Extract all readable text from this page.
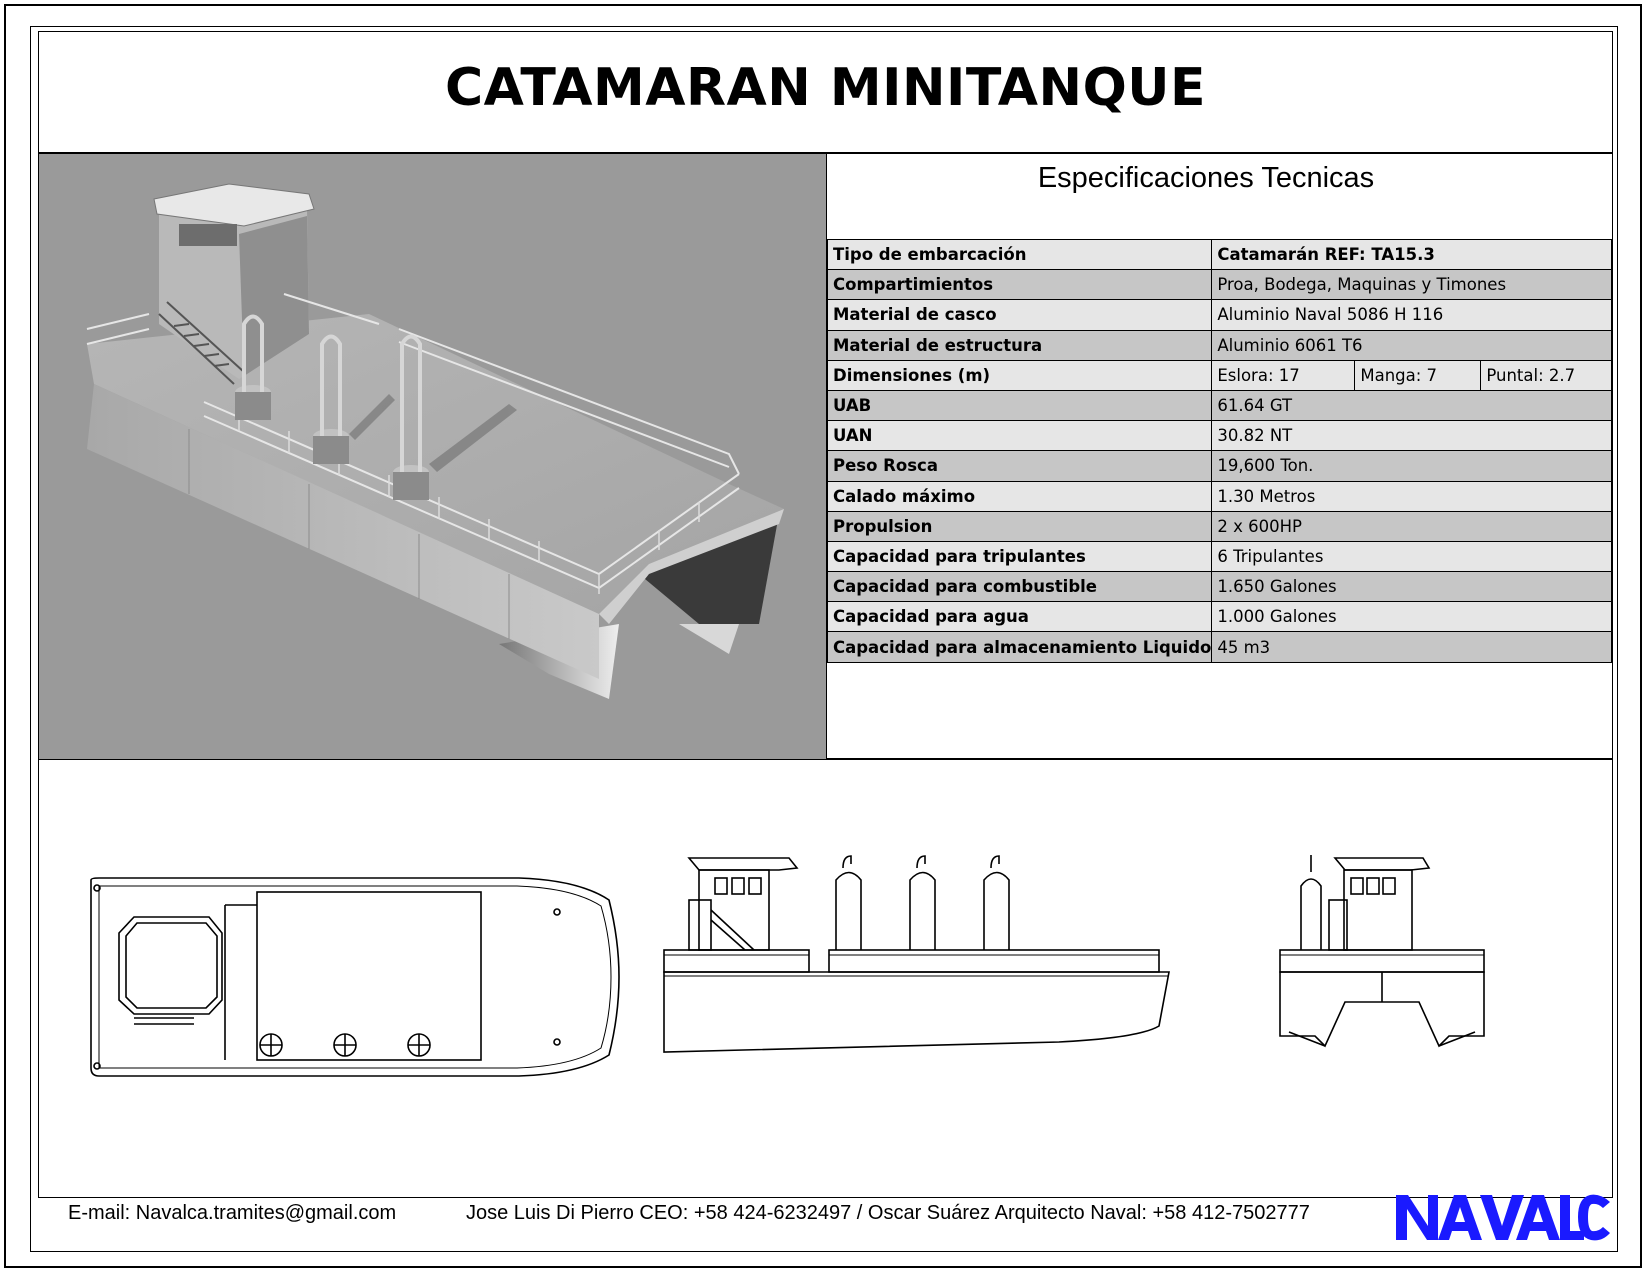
CATAMARAN MINITANQUE
Especificaciones Tecnicas
Tipo de embarcación	Catamarán REF: TA15.3		
Compartimientos	Proa, Bodega, Maquinas y Timones		
Material de casco	Aluminio Naval 5086 H 116		
Material de estructura	Aluminio 6061 T6		
Dimensiones (m)	Eslora: 17	Manga: 7	Puntal: 2.7
UAB	61.64 GT		
UAN	30.82 NT		
Peso Rosca	19,600 Ton.		
Calado máximo	1.30 Metros		
Propulsion	2 x 600HP		
Capacidad para tripulantes	6 Tripulantes		
Capacidad para combustible	1.650 Galones		
Capacidad para agua	1.000 Galones		
Capacidad para almacenamiento Liquido	45 m3		
E-mail: Navalca.tramites@gmail.com	Jose Luis Di Pierro CEO: +58 424-6232497 / Oscar Suárez Arquitecto Naval: +58 412-7502777
